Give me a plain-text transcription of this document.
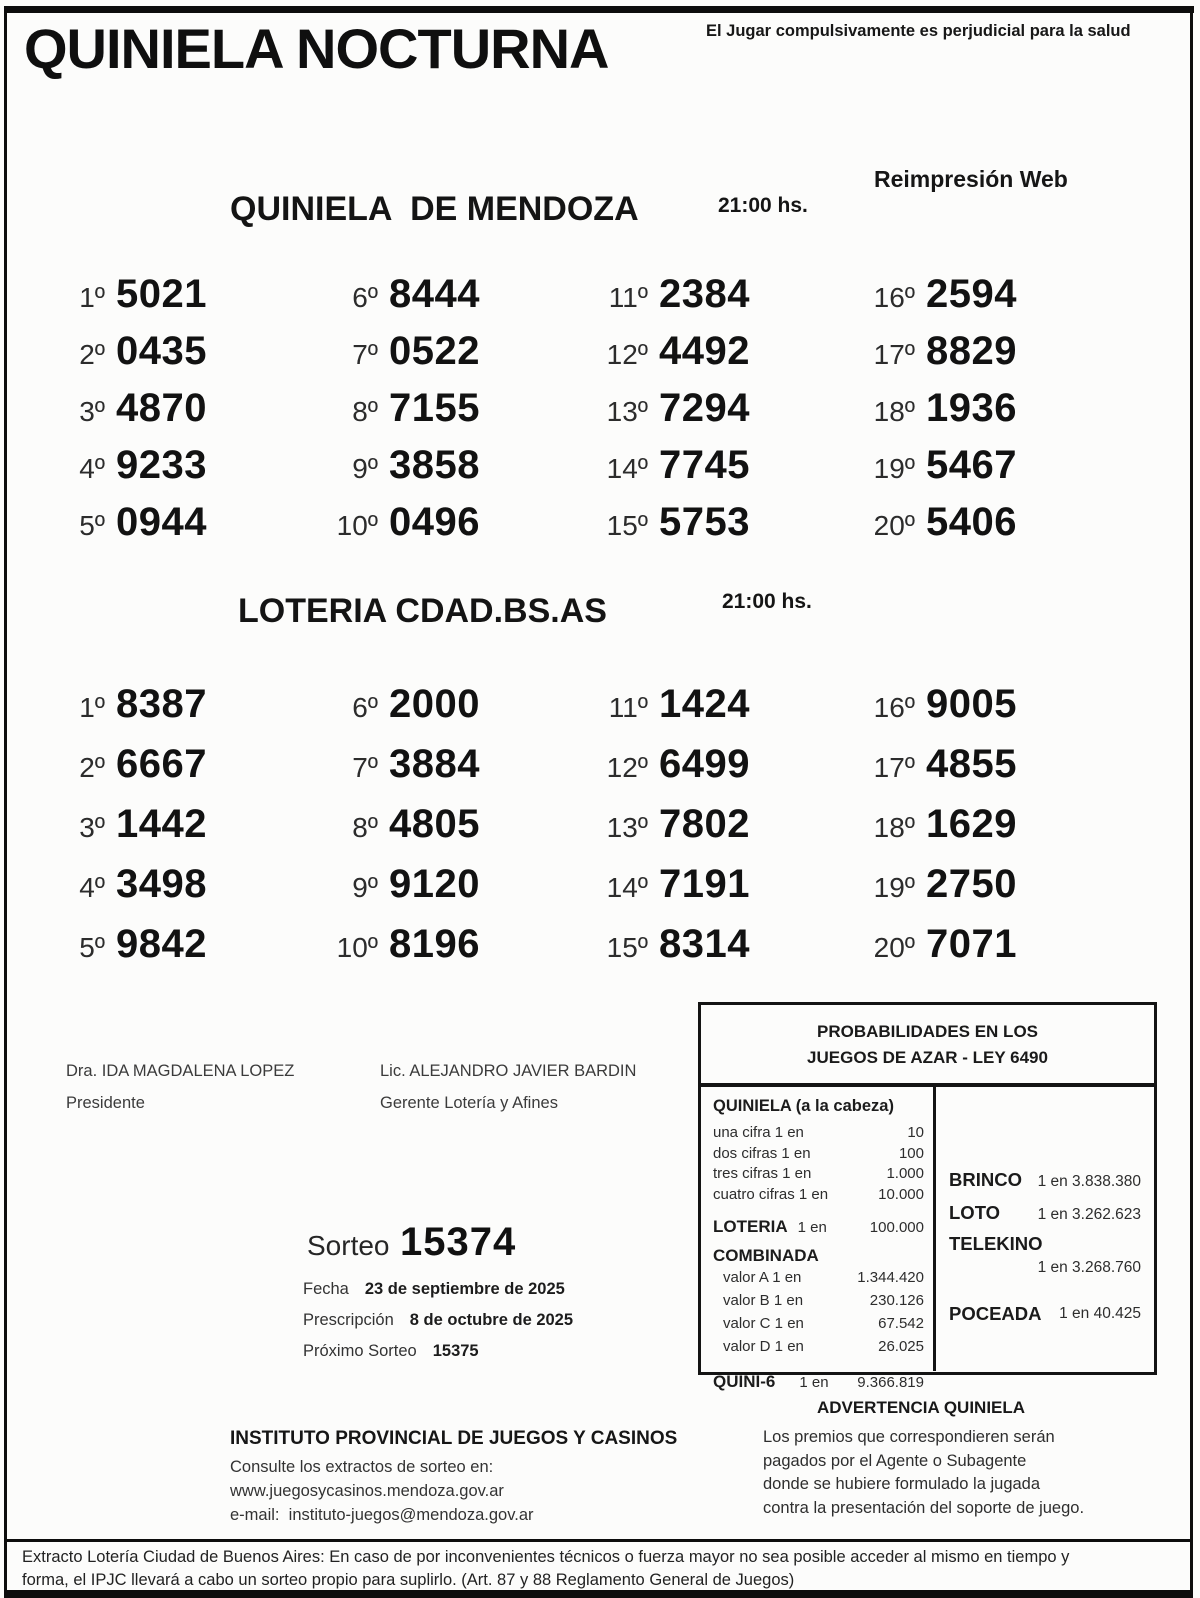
QUINIELA NOCTURNA	El Jugar compulsivamente es perjudicial para la salud
Reimpresión Web
QUINIELA  DE MENDOZA	21:00 hs.
1º 5021
2º 0435
3º 4870
4º 9233
5º 0944
6º 8444
7º 0522
8º 7155
9º 3858
10º 0496
11º 2384
12º 4492
13º 7294
14º 7745
15º 5753
16º 2594
17º 8829
18º 1936
19º 5467
20º 5406
LOTERIA CDAD.BS.AS	21:00 hs.
1º 8387
2º 6667
3º 1442
4º 3498
5º 9842
6º 2000
7º 3884
8º 4805
9º 9120
10º 8196
11º 1424
12º 6499
13º 7802
14º 7191
15º 8314
16º 9005
17º 4855
18º 1629
19º 2750
20º 7071
Dra. IDA MAGDALENA LOPEZ
Presidente
Lic. ALEJANDRO JAVIER BARDIN
Gerente Lotería y Afines
PROBABILIDADES EN LOS
JUEGOS DE AZAR - LEY 6490
QUINIELA (a la cabeza)
una cifra 1 en	10
dos cifras 1 en	100
tres cifras 1 en	1.000
cuatro cifras 1 en	10.000
LOTERIA 1 en	100.000
COMBINADA
valor A 1 en	1.344.420
valor B 1 en	230.126
valor C 1 en	67.542
valor D 1 en	26.025
QUINI-6 1 en 9.366.819
BRINCO 1 en 3.838.380
LOTO 1 en 3.262.623
TELEKINO
1 en 3.268.760
POCEADA 1 en 40.425
Sorteo 15374
Fecha 23 de septiembre de 2025
Prescripción 8 de octubre de 2025
Próximo Sorteo 15375
INSTITUTO PROVINCIAL DE JUEGOS Y CASINOS
Consulte los extractos de sorteo en:
www.juegosycasinos.mendoza.gov.ar
e-mail:  instituto-juegos@mendoza.gov.ar
ADVERTENCIA QUINIELA
Los premios que correspondieren serán
pagados por el Agente o Subagente
donde se hubiere formulado la jugada
contra la presentación del soporte de juego.
Extracto Lotería Ciudad de Buenos Aires: En caso de por inconvenientes técnicos o fuerza mayor no sea posible acceder al mismo en tiempo y
forma, el IPJC llevará a cabo un sorteo propio para suplirlo. (Art. 87 y 88 Reglamento General de Juegos)
